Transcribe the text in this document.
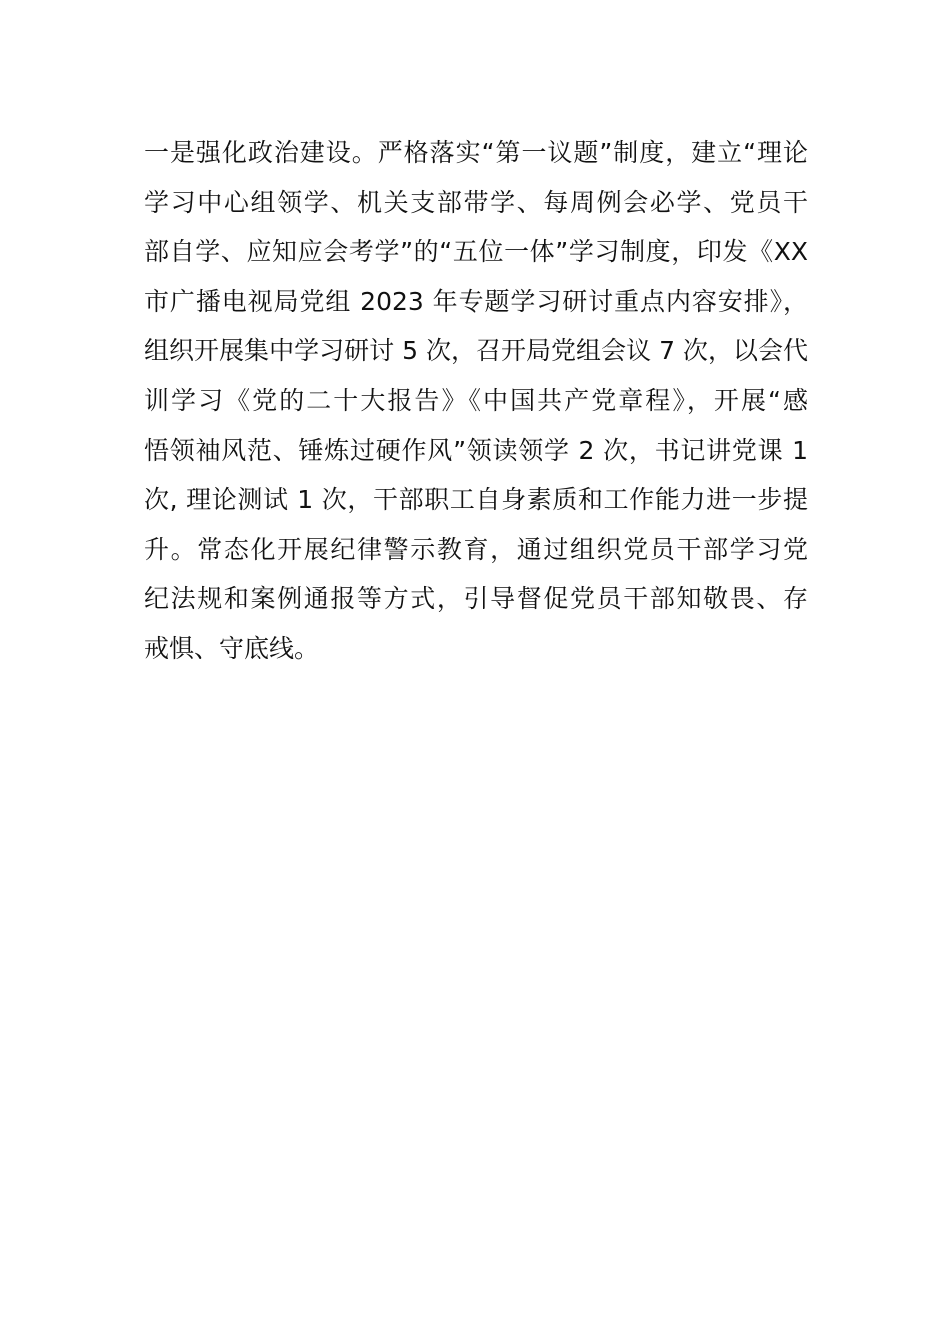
一是强化政治建设。严格落实“第一议题”制度，建立“理论
学习中心组领学、机关支部带学、每周例会必学、党员干
部自学、应知应会考学”的“五位一体”学习制度，印发《XX
市广播电视局党组 2023 年专题学习研讨重点内容安排》，
组织开展集中学习研讨 5 次，召开局党组会议 7 次，以会代
训学习《党的二十大报告》《中国共产党章程》，开展“感
悟领袖风范、锤炼过硬作风”领读领学 2 次，书记讲党课 1
次, 理论测试 1 次，干部职工自身素质和工作能力进一步提
升。常态化开展纪律警示教育，通过组织党员干部学习党
纪法规和案例通报等方式，引导督促党员干部知敬畏、存
戒惧、守底线。
